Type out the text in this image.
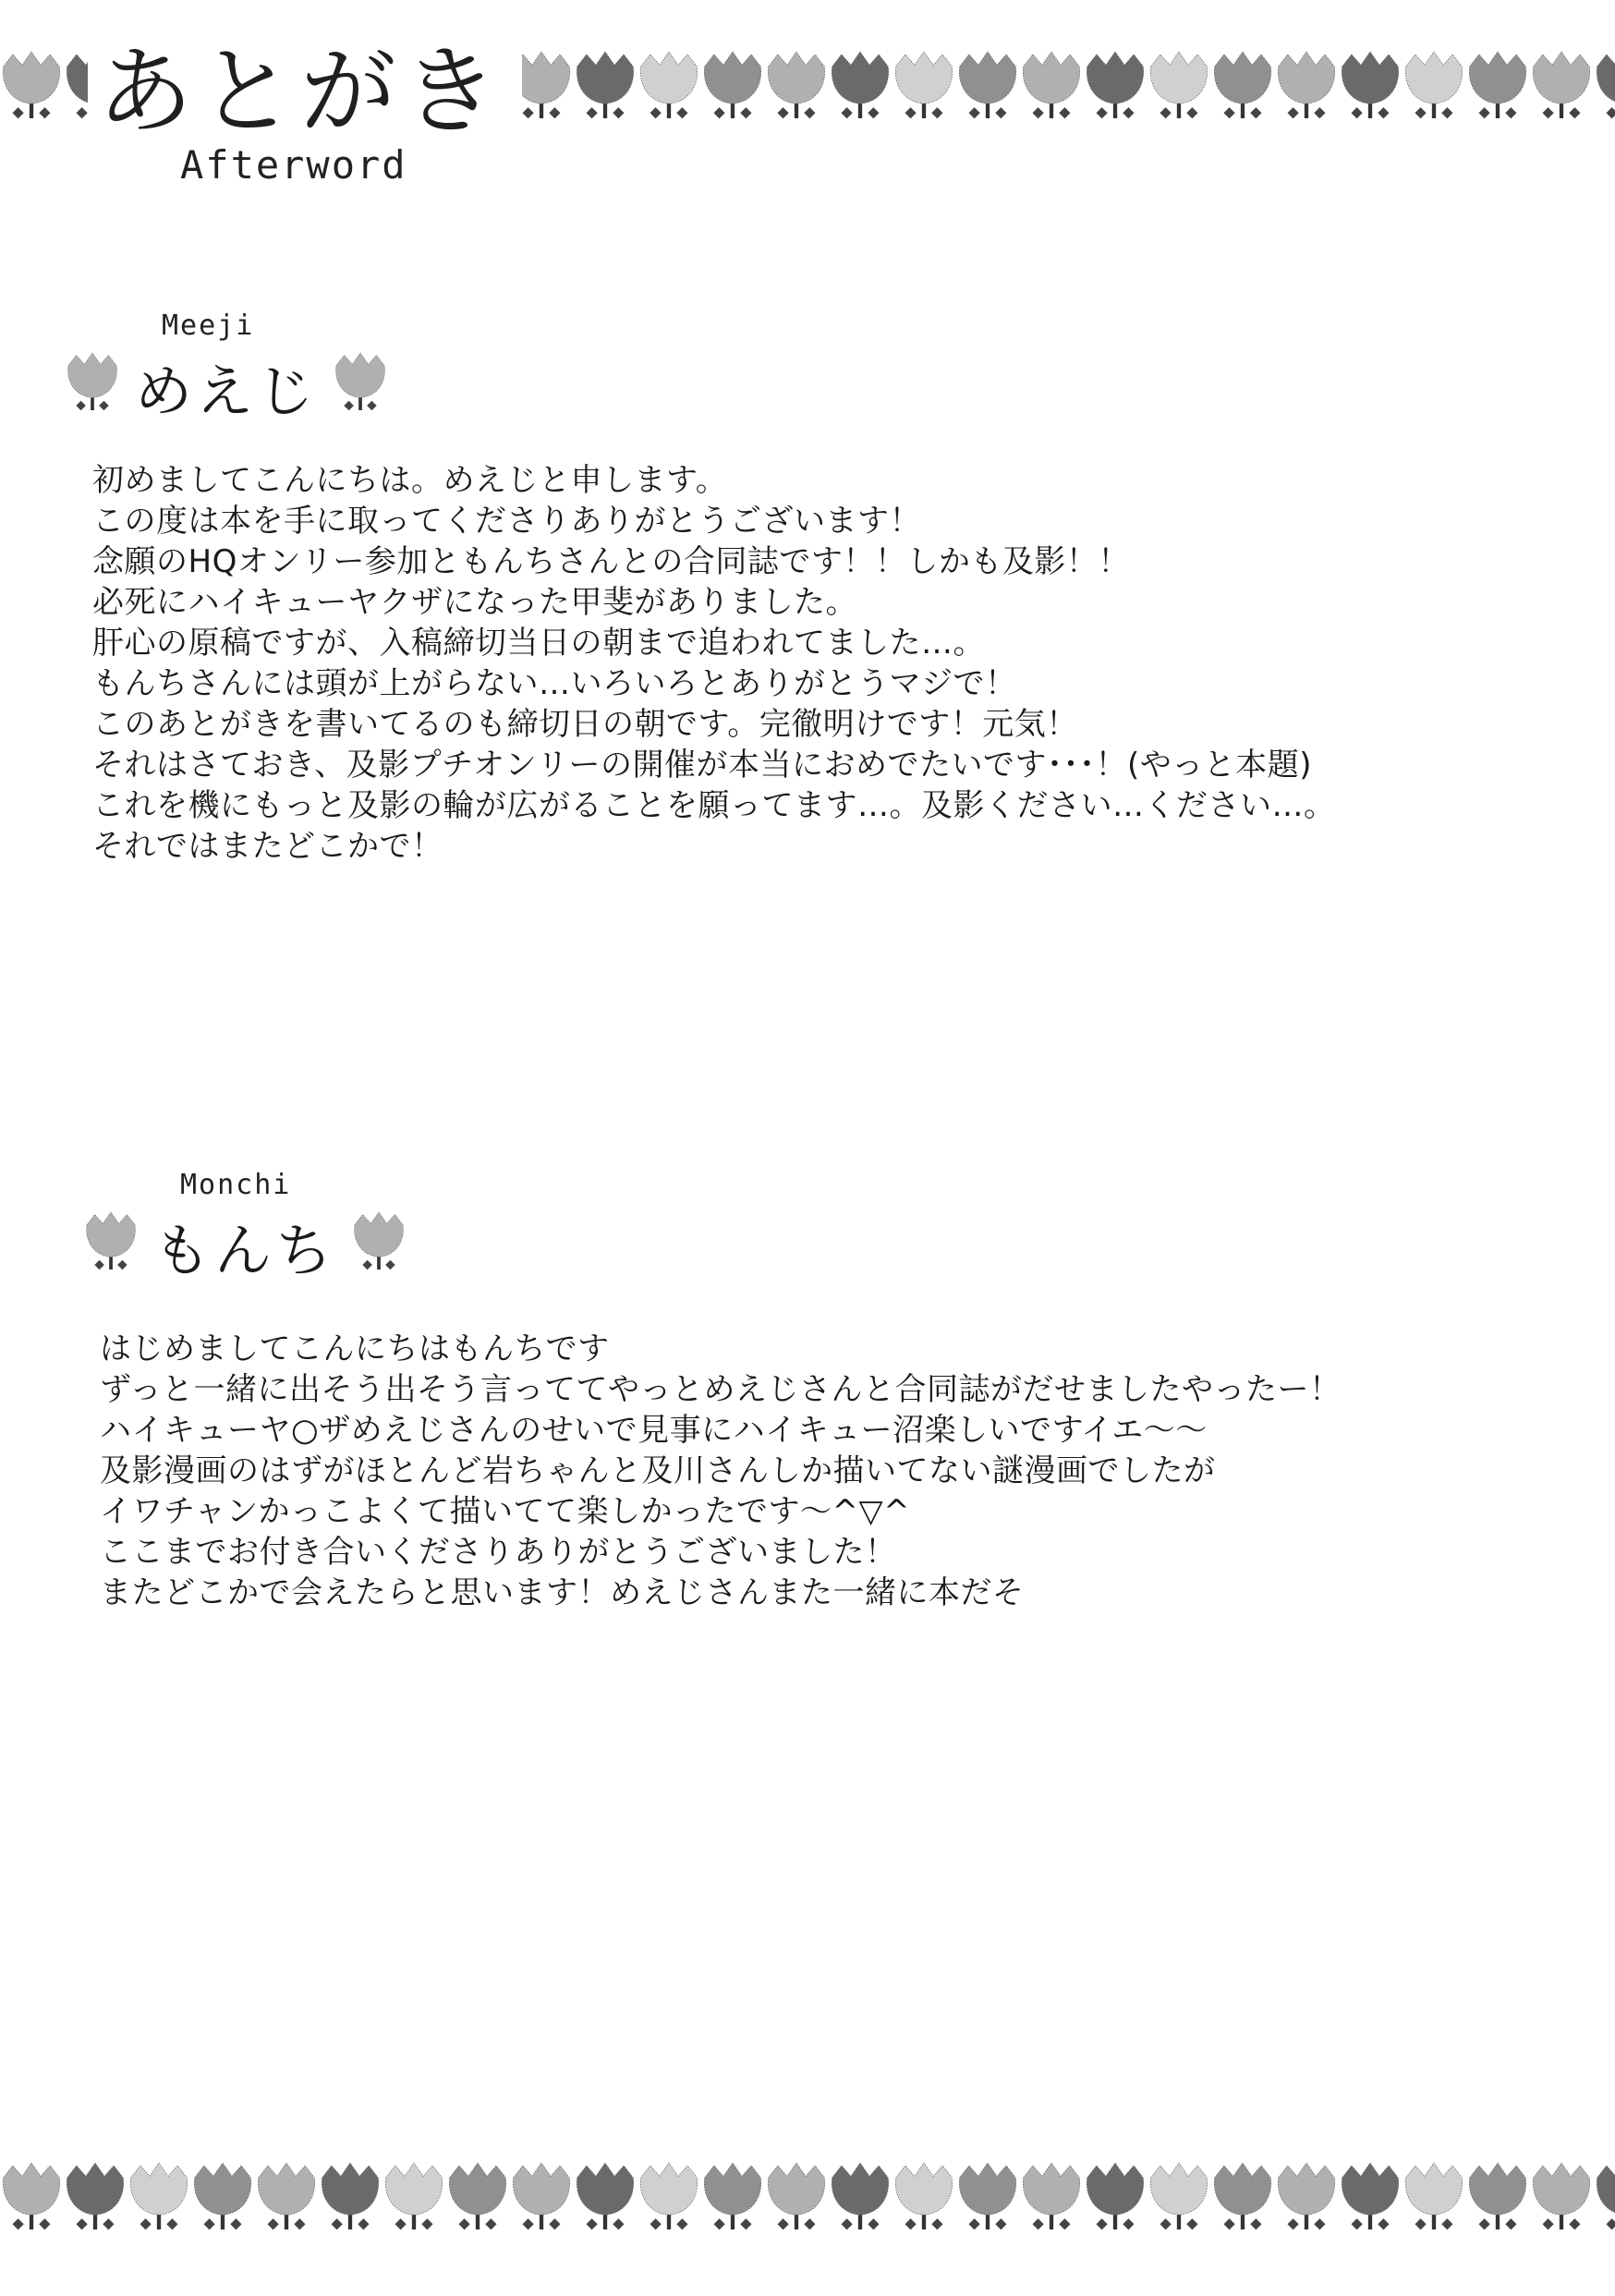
あとがき
Afterword
Meeji
めえじ

初めましてこんにちは。めえじと申します。

この度は本を手に取ってくださりありがとうございます！

念願のHQオンリー参加ともんちさんとの合同誌です！！しかも及影！！

必死にハイキューヤクザになった甲斐がありました。

肝心の原稿ですが、入稿締切当日の朝まで追われてました…。

もんちさんには頭が上がらない…いろいろとありがとうマジで！

このあとがきを書いてるのも締切日の朝です。完徹明けです！元気！

それはさておき、及影プチオンリーの開催が本当におめでたいです･･･！(やっと本題)

これを機にもっと及影の輪が広がることを願ってます…。及影ください…ください…。

それではまたどこかで！

Monchi
もんち

はじめましてこんにちはもんちです

ずっと一緒に出そう出そう言っててやっとめえじさんと合同誌がだせましたやったー！

ハイキューヤ○ザめえじさんのせいで見事にハイキュー沼楽しいですイエ〜〜

及影漫画のはずがほとんど岩ちゃんと及川さんしか描いてない謎漫画でしたが

イワチャンかっこよくて描いてて楽しかったです〜^▽^

ここまでお付き合いくださりありがとうございました！

またどこかで会えたらと思います！めえじさんまた一緒に本だそ
